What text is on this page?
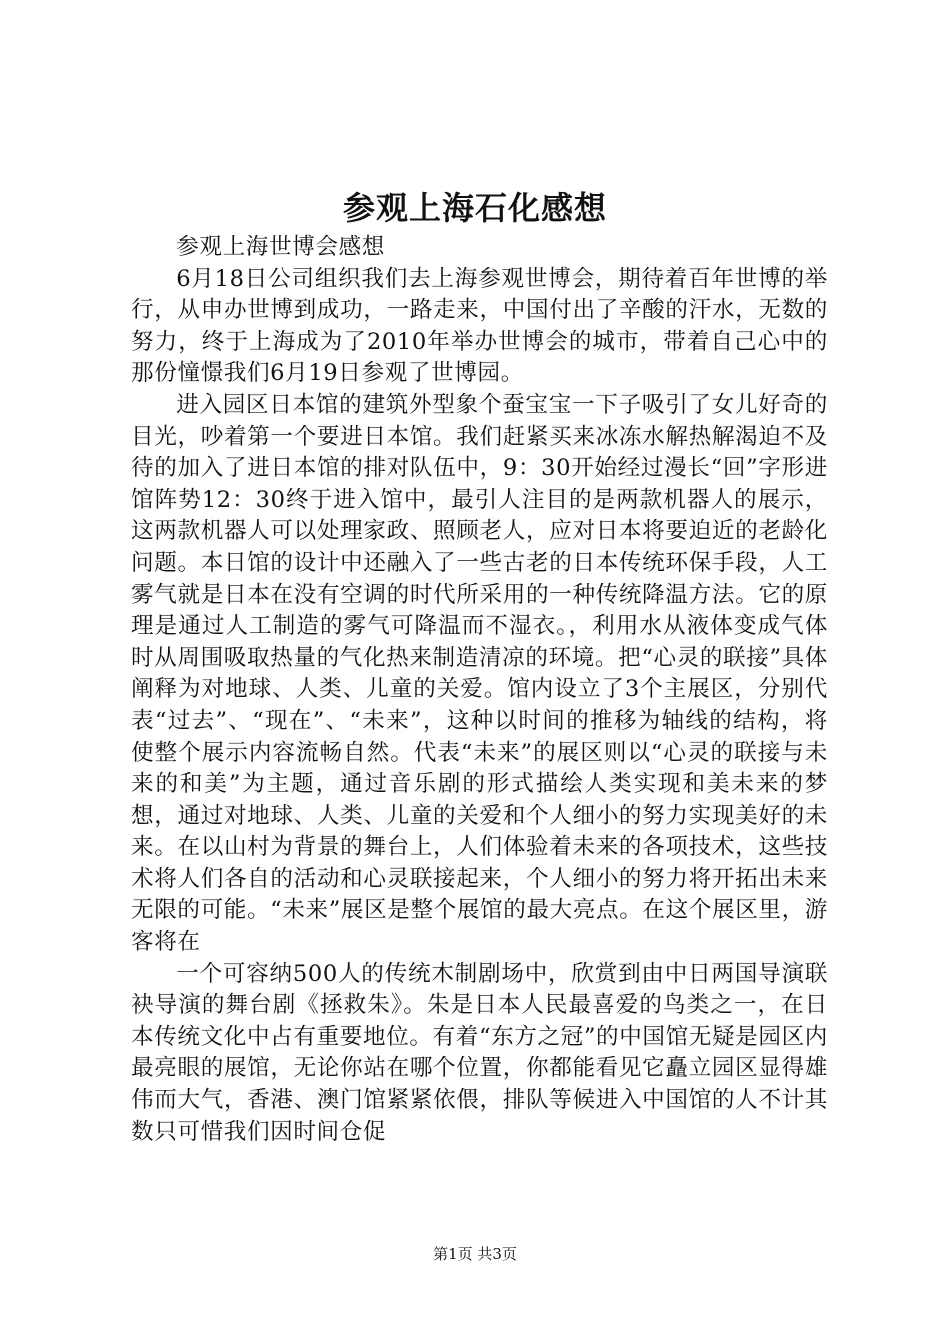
参观上海石化感想

参观上海世博会感想

6月18日公司组织我们去上海参观世博会，期待着百年世博的举行，从申办世博到成功，一路走来，中国付出了辛酸的汗水，无数的努力，终于上海成为了2010年举办世博会的城市，带着自己心中的那份憧憬我们6月19日参观了世博园。

进入园区日本馆的建筑外型象个蚕宝宝一下子吸引了女儿好奇的目光，吵着第一个要进日本馆。我们赶紧买来冰冻水解热解渴迫不及待的加入了进日本馆的排对队伍中，9：30开始经过漫长“回”字形进馆阵势12：30终于进入馆中，最引人注目的是两款机器人的展示，这两款机器人可以处理家政、照顾老人，应对日本将要迫近的老龄化问题。本日馆的设计中还融入了一些古老的日本传统环保手段，人工雾气就是日本在没有空调的时代所采用的一种传统降温方法。它的原理是通过人工制造的雾气可降温而不湿衣。，利用水从液体变成气体时从周围吸取热量的气化热来制造清凉的环境。把“心灵的联接”具体阐释为对地球、人类、儿童的关爱。馆内设立了3个主展区，分别代表“过去”、“现在”、“未来”，这种以时间的推移为轴线的结构，将使整个展示内容流畅自然。代表“未来”的展区则以“心灵的联接与未来的和美”为主题，通过音乐剧的形式描绘人类实现和美未来的梦想，通过对地球、人类、儿童的关爱和个人细小的努力实现美好的未来。在以山村为背景的舞台上，人们体验着未来的各项技术，这些技术将人们各自的活动和心灵联接起来，个人细小的努力将开拓出未来无限的可能。“未来”展区是整个展馆的最大亮点。在这个展区里，游客将在

一个可容纳500人的传统木制剧场中，欣赏到由中日两国导演联袂导演的舞台剧《拯救朱》。朱是日本人民最喜爱的鸟类之一，在日本传统文化中占有重要地位。有着“东方之冠”的中国馆无疑是园区内最亮眼的展馆，无论你站在哪个位置，你都能看见它矗立园区显得雄伟而大气，香港、澳门馆紧紧依偎，排队等候进入中国馆的人不计其数只可惜我们因时间仓促

第1页 共3页
